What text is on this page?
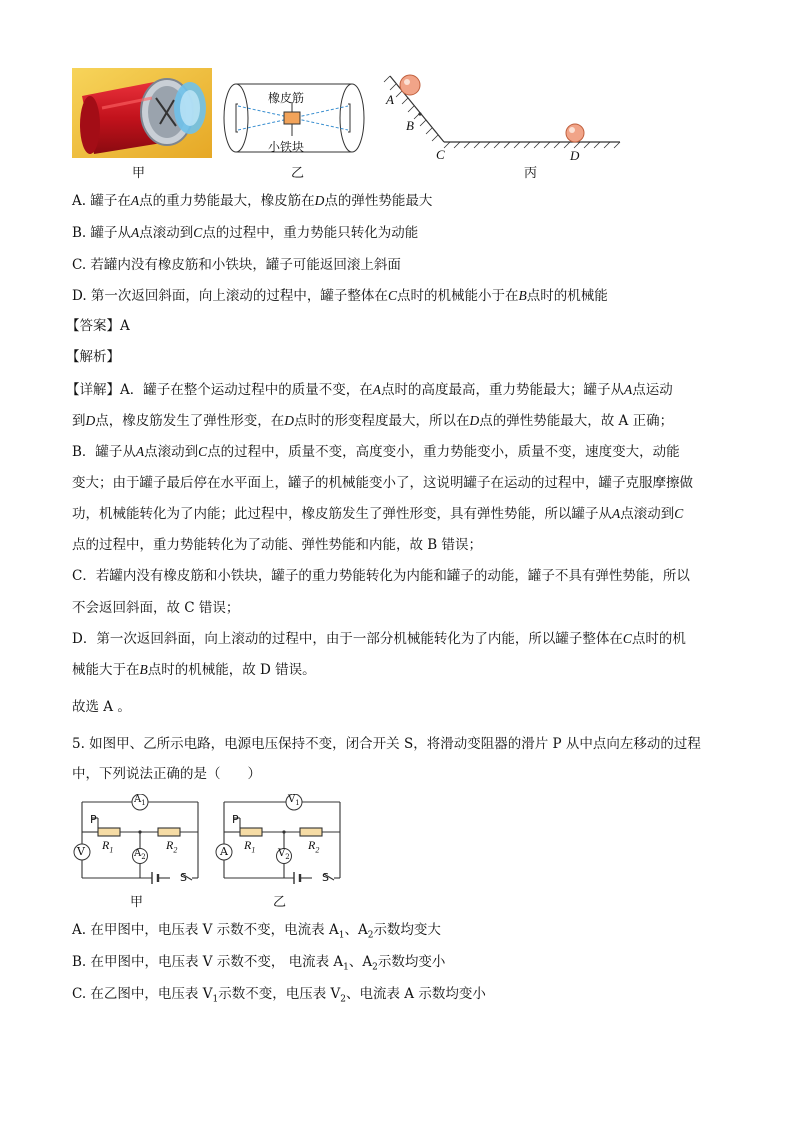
甲
橡皮筋
小铁块
乙
A
B
C	D
丙
A. 罐子在A点的重力势能最大，橡皮筋在D点的弹性势能最大
B. 罐子从A点滚动到C点的过程中，重力势能只转化为动能
C. 若罐内没有橡皮筋和小铁块，罐子可能返回滚上斜面
D. 第一次返回斜面，向上滚动的过程中，罐子整体在C点时的机械能小于在B点时的机械能
【答案】A
【解析】
【详解】A．罐子在整个运动过程中的质量不变，在A点时的高度最高，重力势能最大；罐子从A点运动
到D点，橡皮筋发生了弹性形变，在D点时的形变程度最大，所以在D点的弹性势能最大，故 A 正确；
B．罐子从A点滚动到C点的过程中，质量不变，高度变小，重力势能变小，质量不变，速度变大，动能
变大；由于罐子最后停在水平面上，罐子的机械能变小了，这说明罐子在运动的过程中，罐子克服摩擦做
功，机械能转化为了内能；此过程中，橡皮筋发生了弹性形变，具有弹性势能，所以罐子从A点滚动到C
点的过程中，重力势能转化为了动能、弹性势能和内能，故 B 错误；
C．若罐内没有橡皮筋和小铁块，罐子的重力势能转化为内能和罐子的动能，罐子不具有弹性势能，所以
不会返回斜面，故 C 错误；
D．第一次返回斜面，向上滚动的过程中，由于一部分机械能转化为了内能，所以罐子整体在C点时的机
械能大于在B点时的机械能，故 D 错误。
故选 A 。
5. 如图甲、乙所示电路，电源电压保持不变，闭合开关 S，将滑动变阻器的滑片 P 从中点向左移动的过程
中，下列说法正确的是（　　）
$A_1$
V	$A_2$
P
$R_1$	$R_2$
S
甲
$V_1$
A	$V_2$
P
$R_1$	$R_2$
S
乙
A. 在甲图中，电压表 V 示数不变，电流表 $A_1$、$A_2$示数均变大
B. 在甲图中，电压表 V 示数不变， 电流表 $A_1$、$A_2$示数均变小
C. 在乙图中，电压表 $V_1$示数不变，电压表 $V_2$、电流表 A 示数均变小
